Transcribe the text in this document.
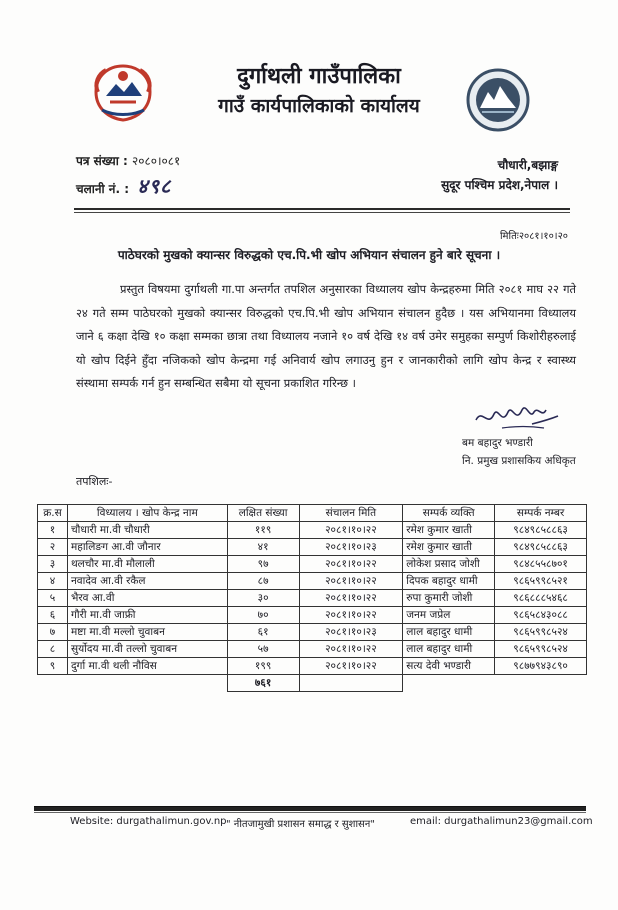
दुर्गाथली गाउँपालिका
गाउँ कार्यपालिकाको कार्यालय
पत्र संख्या : २०८०।०८१
चलानी नं. : ४९८
चौधारी,बझाङ्ग
सुदूर पश्चिम प्रदेश,नेपाल ।
मितिः२०८१।१०।२०
पाठेघरको मुखको क्यान्सर विरुद्धको एच.पि.भी खोप अभियान संचालन हुने बारे सूचना ।
प्रस्तुत विषयमा दुर्गाथली गा.पा अन्तर्गत तपशिल अनुसारका विध्यालय खोप केन्द्रहरुमा मिति २०८१ माघ २२ गते २४ गते सम्म पाठेघरको मुखको क्यान्सर विरुद्धको एच.पि.भी खोप अभियान संचालन हुदैछ । यस अभियानमा विध्यालय जाने ६ कक्षा देखि १० कक्षा सम्मका छात्रा तथा विध्यालय नजाने १० वर्ष देखि १४ वर्ष उमेर समुहका सम्पुर्ण किशोरीहरुलाई यो खोप दिईने हुँदा नजिकको खोप केन्द्रमा गई अनिवार्य खोप लगाउनु हुन र जानकारीको लागि खोप केन्द्र र स्वास्थ्य संस्थामा सम्पर्क गर्न हुन सम्बन्धित सबैमा यो सूचना प्रकाशित गरिन्छ ।
बम बहादुर भण्डारी
नि. प्रमुख प्रशासकिय अधिकृत
तपशिलः-
क्र.स	विध्यालय । खोप केन्द्र नाम	लक्षित संख्या	संचालन मिति	सम्पर्क व्यक्ति	सम्पर्क नम्बर
१	चौधारी मा.वी चौधारी	११९	२०८१।१०।२२	रमेश कुमार खाती	९८४९८५८८६३
२	महालिङग आ.वी जौनार	४१	२०८१।१०।२३	रमेश कुमार खाती	९८४९८५८८६३
३	थलचौर मा.वी मौलाली	९७	२०८१।१०।२२	लोकेश प्रसाद जोशी	९८४८५५८७०१
४	नवादेव आ.वी रकैल	८७	२०८१।१०।२२	दिपक बहादुर धामी	९८६५९९८५२१
५	भैरव आ.वी	३०	२०८१।१०।२२	रुपा कुमारी जोशी	९८६८८८५४६८
६	गौरी मा.वी जाफ्री	७०	२०८१।१०।२२	जनम जप्रेल	९८६५८४३०८८
७	मष्टा मा.वी मल्लो चुवाबन	६१	२०८१।१०।२३	लाल बहादुर धामी	९८६५९९८५२४
८	सुर्योदय मा.वी तल्लो चुवाबन	५७	२०८१।१०।२२	लाल बहादुर धामी	९८६५९९८५२४
९	दुर्गा मा.वी थली नौविस	१९९	२०८१।१०।२२	सत्य देवी भण्डारी	९८७७९४३८९०
		७६१			
Website: durgathalimun.gov.np " नीतजामुखी प्रशासन समाद्ध र सुशासन"	email: durgathalimun23@gmail.com
